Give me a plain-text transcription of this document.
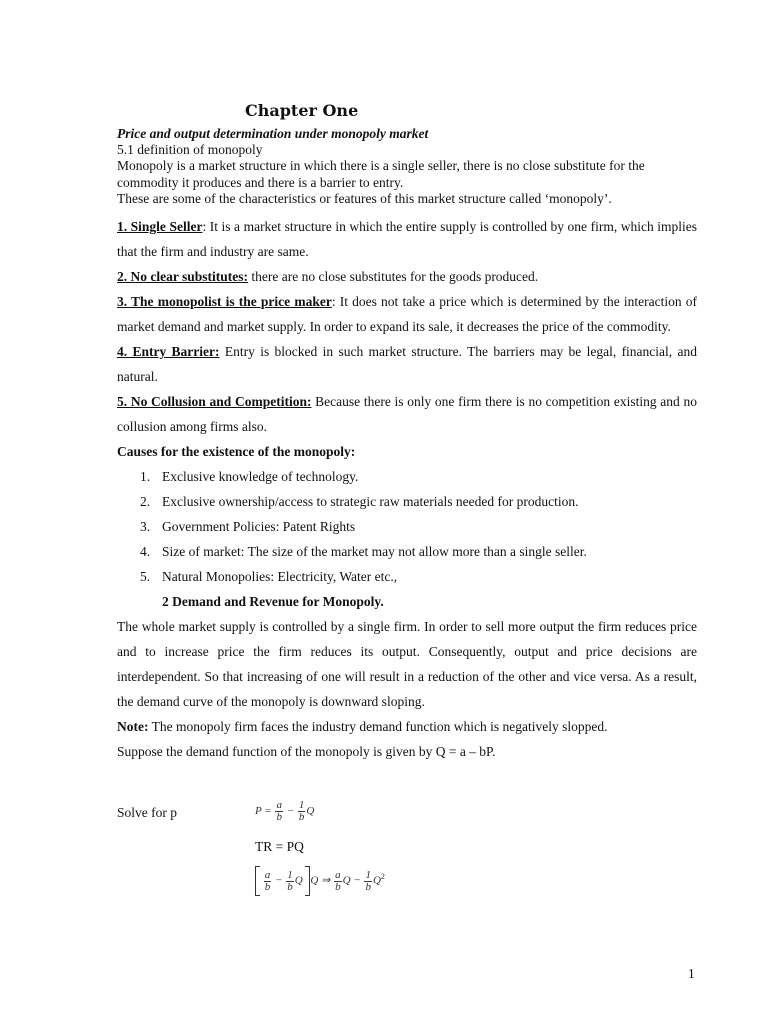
Chapter One
Price and output determination under monopoly market

5.1 definition of monopoly

Monopoly is a market structure in which there is a single seller, there is no close substitute for the commodity it produces and there is a barrier to entry.

These are some of the characteristics or features of this market structure called ‘monopoly’.

1. Single Seller: It is a market structure in which the entire supply is controlled by one firm, which implies that the firm and industry are same.

2. No clear substitutes: there are no close substitutes for the goods produced.

3. The monopolist is the price maker: It does not take a price which is determined by the interaction of market demand and market supply. In order to expand its sale, it decreases the price of the commodity.

4. Entry Barrier: Entry is blocked in such market structure. The barriers may be legal, financial, and natural.

5. No Collusion and Competition: Because there is only one firm there is no competition existing and no collusion among firms also.

Causes for the existence of the monopoly:

1. Exclusive knowledge of technology.
2. Exclusive ownership/access to strategic raw materials needed for production.
3. Government Policies: Patent Rights
4. Size of market: The size of the market may not allow more than a single seller.
5. Natural Monopolies: Electricity, Water etc.,

2 Demand and Revenue for Monopoly.

The whole market supply is controlled by a single firm. In order to sell more output the firm reduces price and to increase price the firm reduces its output. Consequently, output and price decisions are interdependent. So that increasing of one will result in a reduction of the other and vice versa. As a result, the demand curve of the monopoly is downward sloping.

Note: The monopoly firm faces the industry demand function which is negatively slopped.

Suppose the demand function of the monopoly is given by Q = a – bP.

Solve for p	$P = \frac{a}{b} - \frac{1}{b}$ Q
TR = PQ

$\frac{a}{b} - \frac{1}{b}$ Q Q ⇒ $\frac{a}{b}$ $Q - \frac{1}{b} Q^2$
1
